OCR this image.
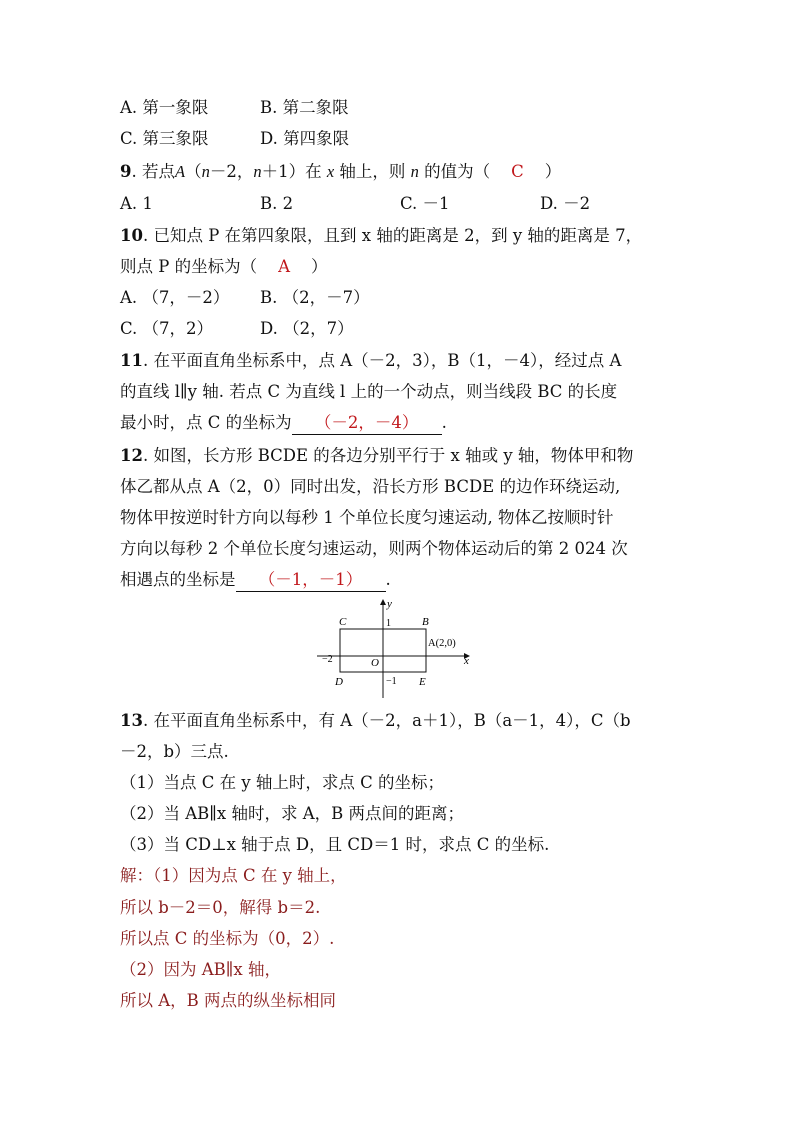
A. 第一象限	B. 第二象限
C. 第三象限	D. 第四象限
9. 若点A（n－2，n＋1）在 x 轴上，则 n 的值为（    C    ）
A. 1	B. 2	C. －1	D. －2
10. 已知点 P 在第四象限，且到 x 轴的距离是 2，到 y 轴的距离是 7，
则点 P 的坐标为（ A ）
A. （7，－2） B. （2，－7）
C. （7，2）	D. （2，7）
11. 在平面直角坐标系中，点 A（－2，3），B（1，－4），经过点 A
的直线 l∥y 轴. 若点 C 为直线 l 上的一个动点，则当线段 BC 的长度
最小时，点 C 的坐标为 （－2，－4） .
12. 如图，长方形 BCDE 的各边分别平行于 x 轴或 y 轴，物体甲和物
体乙都从点 A（2，0）同时出发，沿长方形 BCDE 的边作环绕运动,
物体甲按逆时针方向以每秒 1 个单位长度匀速运动, 物体乙按顺时针
方向以每秒 2 个单位长度匀速运动，则两个物体运动后的第 2 024 次
相遇点的坐标是 （－1，－1） .
C	B
D	E
O
A(2,0)
y
x
1
−1
−2
13. 在平面直角坐标系中，有 A（－2，a＋1），B（a－1，4），C（b
－2，b）三点.
（1）当点 C 在 y 轴上时，求点 C 的坐标；
（2）当 AB∥x 轴时，求 A，B 两点间的距离；
（3）当 CD⊥x 轴于点 D，且 CD＝1 时，求点 C 的坐标.
解：（1）因为点 C 在 y 轴上，
所以 b－2＝0，解得 b＝2.
所以点 C 的坐标为（0，2）.
（2）因为 AB∥x 轴，
所以 A，B 两点的纵坐标相同
